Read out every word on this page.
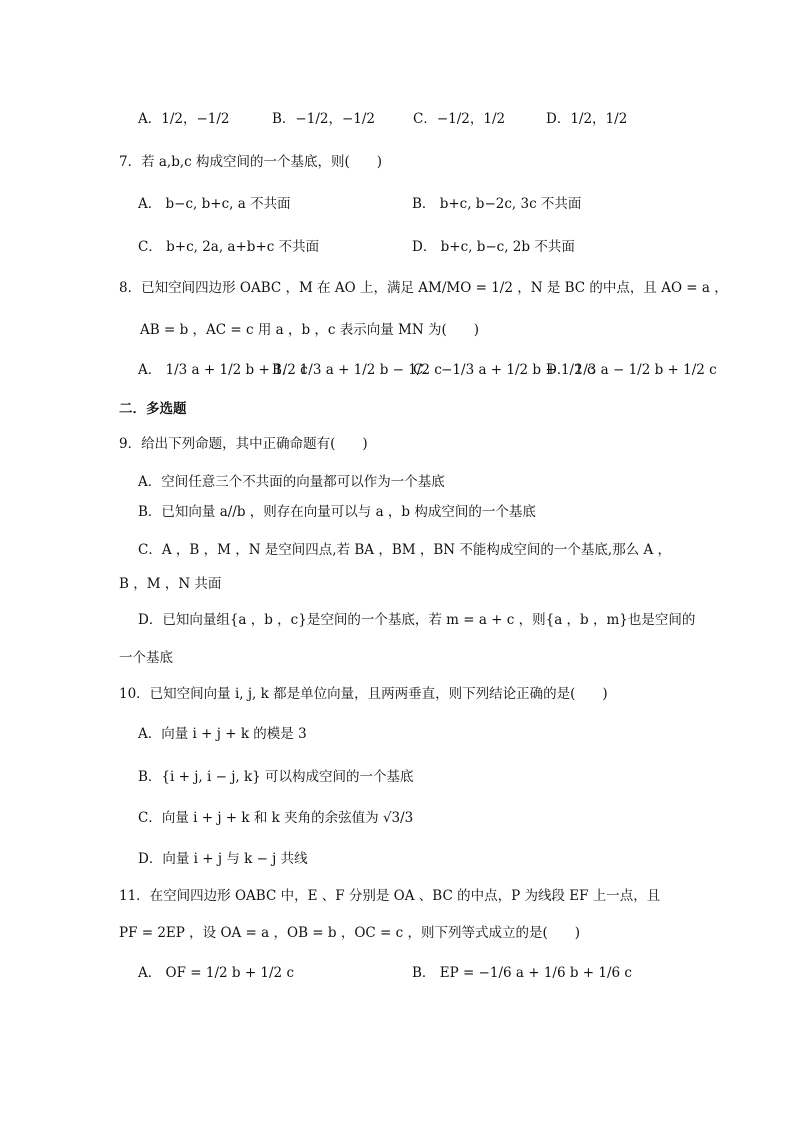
A．1/2，−1/2	B．−1/2，−1/2	C．−1/2，1/2	D．1/2，1/2
7．若 a,b,c 构成空间的一个基底，则(　　)
A． b−c, b+c, a 不共面	B． b+c, b−2c, 3c 不共面
C． b+c, 2a, a+b+c 不共面	D． b+c, b−c, 2b 不共面
8．已知空间四边形 OABC ，M 在 AO 上，满足 AM/MO = 1/2 ，N 是 BC 的中点，且 AO = a ，
AB = b ，AC = c 用 a ，b ，c 表示向量 MN 为(　　)
A． 1/3 a + 1/2 b + 1/2 c
B． 1/3 a + 1/2 b − 1/2 c
C． −1/3 a + 1/2 b + 1/2 c
D． 1/3 a − 1/2 b + 1/2 c
二．多选题
9．给出下列命题，其中正确命题有(　　)
A．空间任意三个不共面的向量都可以作为一个基底
B．已知向量 a//b ，则存在向量可以与 a ，b 构成空间的一个基底
C．A ，B ，M ，N 是空间四点,若 BA ，BM ，BN 不能构成空间的一个基底,那么 A ，
B ，M ，N 共面
D．已知向量组{a ，b ，c}是空间的一个基底，若 m = a + c ，则{a ，b ，m}也是空间的
一个基底
10．已知空间向量 i, j, k 都是单位向量，且两两垂直，则下列结论正确的是(　　)
A．向量 i + j + k 的模是 3
B．{i + j, i − j, k} 可以构成空间的一个基底
C．向量 i + j + k 和 k 夹角的余弦值为 √3/3
D．向量 i + j 与 k − j 共线
11．在空间四边形 OABC 中，E 、F 分别是 OA 、BC 的中点，P 为线段 EF 上一点，且
PF = 2EP ，设 OA = a ，OB = b ，OC = c ，则下列等式成立的是(　　)
A． OF = 1/2 b + 1/2 c	B． EP = −1/6 a + 1/6 b + 1/6 c
